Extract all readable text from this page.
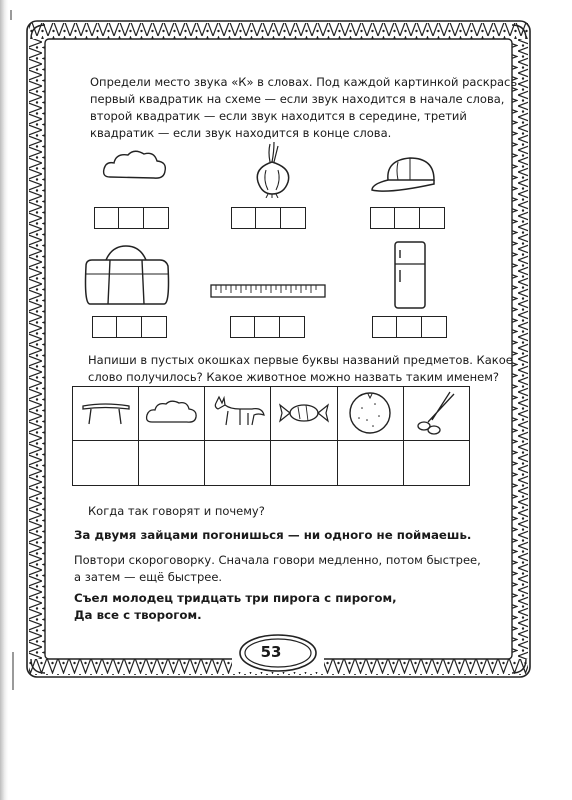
Определи место звука «К» в словах. Под каждой картинкой раскрась
первый квадратик на схеме — если звук находится в начале слова,
второй квадратик — если звук находится в середине, третий
квадратик — если звук находится в конце слова.
Напиши в пустых окошках первые буквы названий предметов. Какое
слово получилось? Какое животное можно назвать таким именем?

Когда так говорят и почему?
За двумя зайцами погонишься — ни одного не поймаешь.
Повтори скороговорку. Сначала говори медленно, потом быстрее,
а затем — ещё быстрее.
Съел молодец тридцать три пирога с пирогом,
Да все с творогом.
53
